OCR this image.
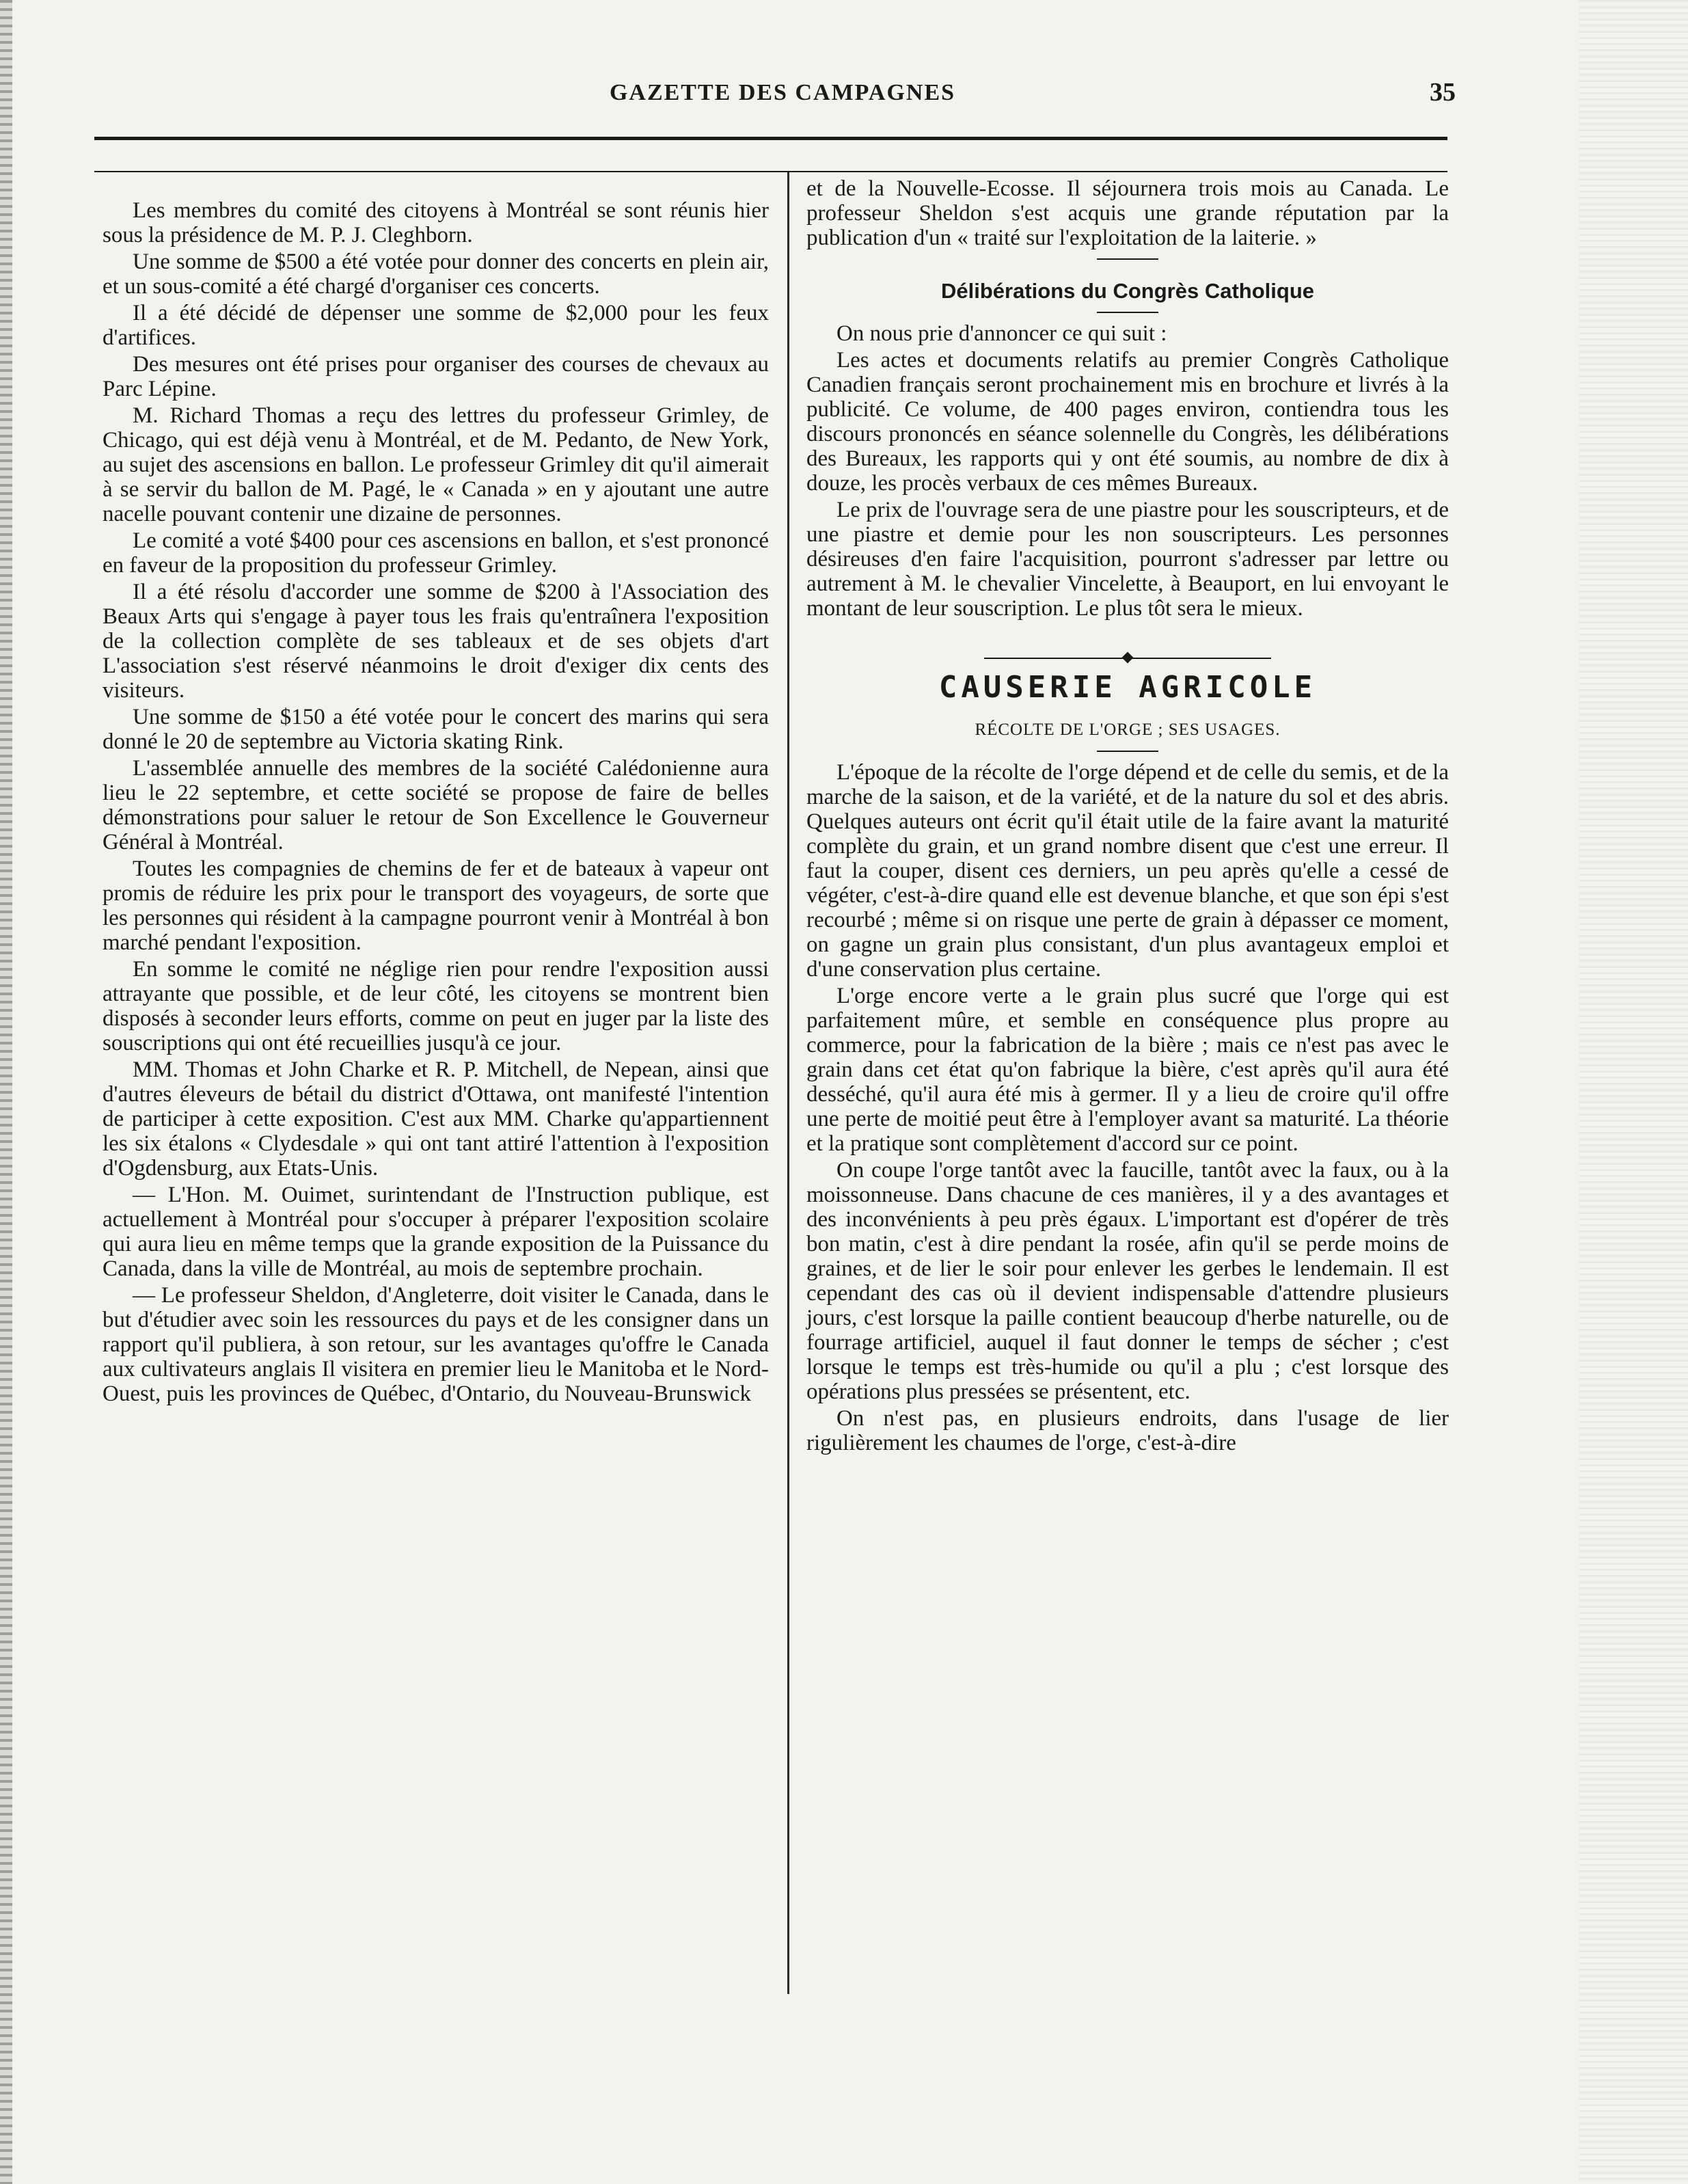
GAZETTE DES CAMPAGNES	35

Les membres du comité des citoyens à Montréal se sont réunis hier sous la présidence de M. P. J. Cleghborn.

Une somme de $500 a été votée pour donner des concerts en plein air, et un sous-comité a été chargé d'organiser ces concerts.

Il a été décidé de dépenser une somme de $2,000 pour les feux d'artifices.

Des mesures ont été prises pour organiser des courses de chevaux au Parc Lépine.

M. Richard Thomas a reçu des lettres du professeur Grimley, de Chicago, qui est déjà venu à Montréal, et de M. Pedanto, de New York, au sujet des ascensions en ballon. Le professeur Grimley dit qu'il aimerait à se servir du ballon de M. Pagé, le « Canada » en y ajoutant une autre nacelle pouvant contenir une dizaine de personnes.

Le comité a voté $400 pour ces ascensions en ballon, et s'est prononcé en faveur de la proposition du professeur Grimley.

Il a été résolu d'accorder une somme de $200 à l'Association des Beaux Arts qui s'engage à payer tous les frais qu'entraînera l'exposition de la collection complète de ses tableaux et de ses objets d'art L'association s'est réservé néanmoins le droit d'exiger dix cents des visiteurs.

Une somme de $150 a été votée pour le concert des marins qui sera donné le 20 de septembre au Victoria skating Rink.

L'assemblée annuelle des membres de la société Calédonienne aura lieu le 22 septembre, et cette société se propose de faire de belles démonstrations pour saluer le retour de Son Excellence le Gouverneur Général à Montréal.

Toutes les compagnies de chemins de fer et de bateaux à vapeur ont promis de réduire les prix pour le transport des voyageurs, de sorte que les personnes qui résident à la campagne pourront venir à Montréal à bon marché pendant l'exposition.

En somme le comité ne néglige rien pour rendre l'exposition aussi attrayante que possible, et de leur côté, les citoyens se montrent bien disposés à seconder leurs efforts, comme on peut en juger par la liste des souscriptions qui ont été recueillies jusqu'à ce jour.

MM. Thomas et John Charke et R. P. Mitchell, de Nepean, ainsi que d'autres éleveurs de bétail du district d'Ottawa, ont manifesté l'intention de participer à cette exposition. C'est aux MM. Charke qu'appartiennent les six étalons « Clydesdale » qui ont tant attiré l'attention à l'exposition d'Ogdensburg, aux Etats-Unis.

— L'Hon. M. Ouimet, surintendant de l'Instruction publique, est actuellement à Montréal pour s'occuper à préparer l'exposition scolaire qui aura lieu en même temps que la grande exposition de la Puissance du Canada, dans la ville de Montréal, au mois de septembre prochain.

— Le professeur Sheldon, d'Angleterre, doit visiter le Canada, dans le but d'étudier avec soin les ressources du pays et de les consigner dans un rapport qu'il publiera, à son retour, sur les avantages qu'offre le Canada aux cultivateurs anglais Il visitera en premier lieu le Manitoba et le Nord-Ouest, puis les provinces de Québec, d'Ontario, du Nouveau-Brunswick

et de la Nouvelle-Ecosse. Il séjournera trois mois au Canada. Le professeur Sheldon s'est acquis une grande réputation par la publication d'un « traité sur l'exploitation de la laiterie. »

Délibérations du Congrès Catholique

On nous prie d'annoncer ce qui suit :

Les actes et documents relatifs au premier Congrès Catholique Canadien français seront prochainement mis en brochure et livrés à la publicité. Ce volume, de 400 pages environ, contiendra tous les discours prononcés en séance solennelle du Congrès, les délibérations des Bureaux, les rapports qui y ont été soumis, au nombre de dix à douze, les procès verbaux de ces mêmes Bureaux.

Le prix de l'ouvrage sera de une piastre pour les souscripteurs, et de une piastre et demie pour les non souscripteurs. Les personnes désireuses d'en faire l'acquisition, pourront s'adresser par lettre ou autrement à M. le chevalier Vincelette, à Beauport, en lui envoyant le montant de leur souscription. Le plus tôt sera le mieux.

CAUSERIE AGRICOLE
RÉCOLTE DE L'ORGE ; SES USAGES.

L'époque de la récolte de l'orge dépend et de celle du semis, et de la marche de la saison, et de la variété, et de la nature du sol et des abris. Quelques auteurs ont écrit qu'il était utile de la faire avant la maturité complète du grain, et un grand nombre disent que c'est une erreur. Il faut la couper, disent ces derniers, un peu après qu'elle a cessé de végéter, c'est-à-dire quand elle est devenue blanche, et que son épi s'est recourbé ; même si on risque une perte de grain à dépasser ce moment, on gagne un grain plus consistant, d'un plus avantageux emploi et d'une conservation plus certaine.

L'orge encore verte a le grain plus sucré que l'orge qui est parfaitement mûre, et semble en conséquence plus propre au commerce, pour la fabrication de la bière ; mais ce n'est pas avec le grain dans cet état qu'on fabrique la bière, c'est après qu'il aura été desséché, qu'il aura été mis à germer. Il y a lieu de croire qu'il offre une perte de moitié peut être à l'employer avant sa maturité. La théorie et la pratique sont complètement d'accord sur ce point.

On coupe l'orge tantôt avec la faucille, tantôt avec la faux, ou à la moissonneuse. Dans chacune de ces manières, il y a des avantages et des inconvénients à peu près égaux. L'important est d'opérer de très bon matin, c'est à dire pendant la rosée, afin qu'il se perde moins de graines, et de lier le soir pour enlever les gerbes le lendemain. Il est cependant des cas où il devient indispensable d'attendre plusieurs jours, c'est lorsque la paille contient beaucoup d'herbe naturelle, ou de fourrage artificiel, auquel il faut donner le temps de sécher ; c'est lorsque le temps est très-humide ou qu'il a plu ; c'est lorsque des opérations plus pressées se présentent, etc.

On n'est pas, en plusieurs endroits, dans l'usage de lier rigulièrement les chaumes de l'orge, c'est-à-dire
